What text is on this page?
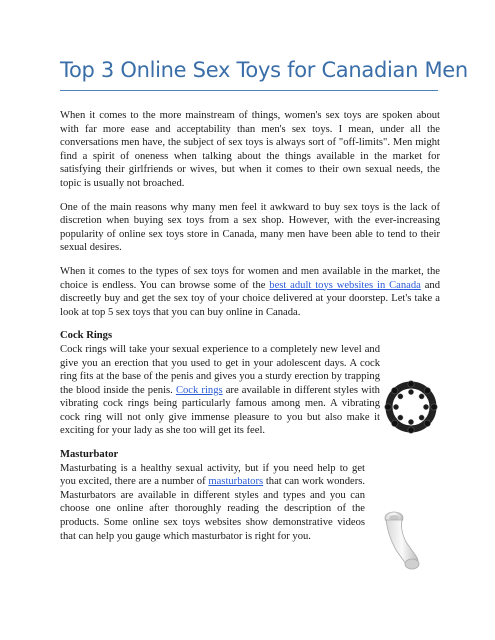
Top 3 Online Sex Toys for Canadian Men

When it comes to the more mainstream of things, women's sex toys are spoken about with far more ease and acceptability than men's sex toys. I mean, under all the conversations men have, the subject of sex toys is always sort of "off-limits". Men might find a spirit of oneness when talking about the things available in the market for satisfying their girlfriends or wives, but when it comes to their own sexual needs, the topic is usually not broached.

One of the main reasons why many men feel it awkward to buy sex toys is the lack of discretion when buying sex toys from a sex shop. However, with the ever-increasing popularity of online sex toys store in Canada, many men have been able to tend to their sexual desires.

When it comes to the types of sex toys for women and men available in the market, the choice is endless. You can browse some of the best adult toys websites in Canada and discreetly buy and get the sex toy of your choice delivered at your doorstep. Let's take a look at top 5 sex toys that you can buy online in Canada.

Cock Rings

Cock rings will take your sexual experience to a completely new level and give you an erection that you used to get in your adolescent days. A cock ring fits at the base of the penis and gives you a sturdy erection by trapping the blood inside the penis. Cock rings are available in different styles with vibrating cock rings being particularly famous among men. A vibrating cock ring will not only give immense pleasure to you but also make it exciting for your lady as she too will get its feel.

Masturbator

Masturbating is a healthy sexual activity, but if you need help to get you excited, there are a number of masturbators that can work wonders. Masturbators are available in different styles and types and you can choose one online after thoroughly reading the description of the products. Some online sex toys websites show demonstrative videos that can help you gauge which masturbator is right for you.
